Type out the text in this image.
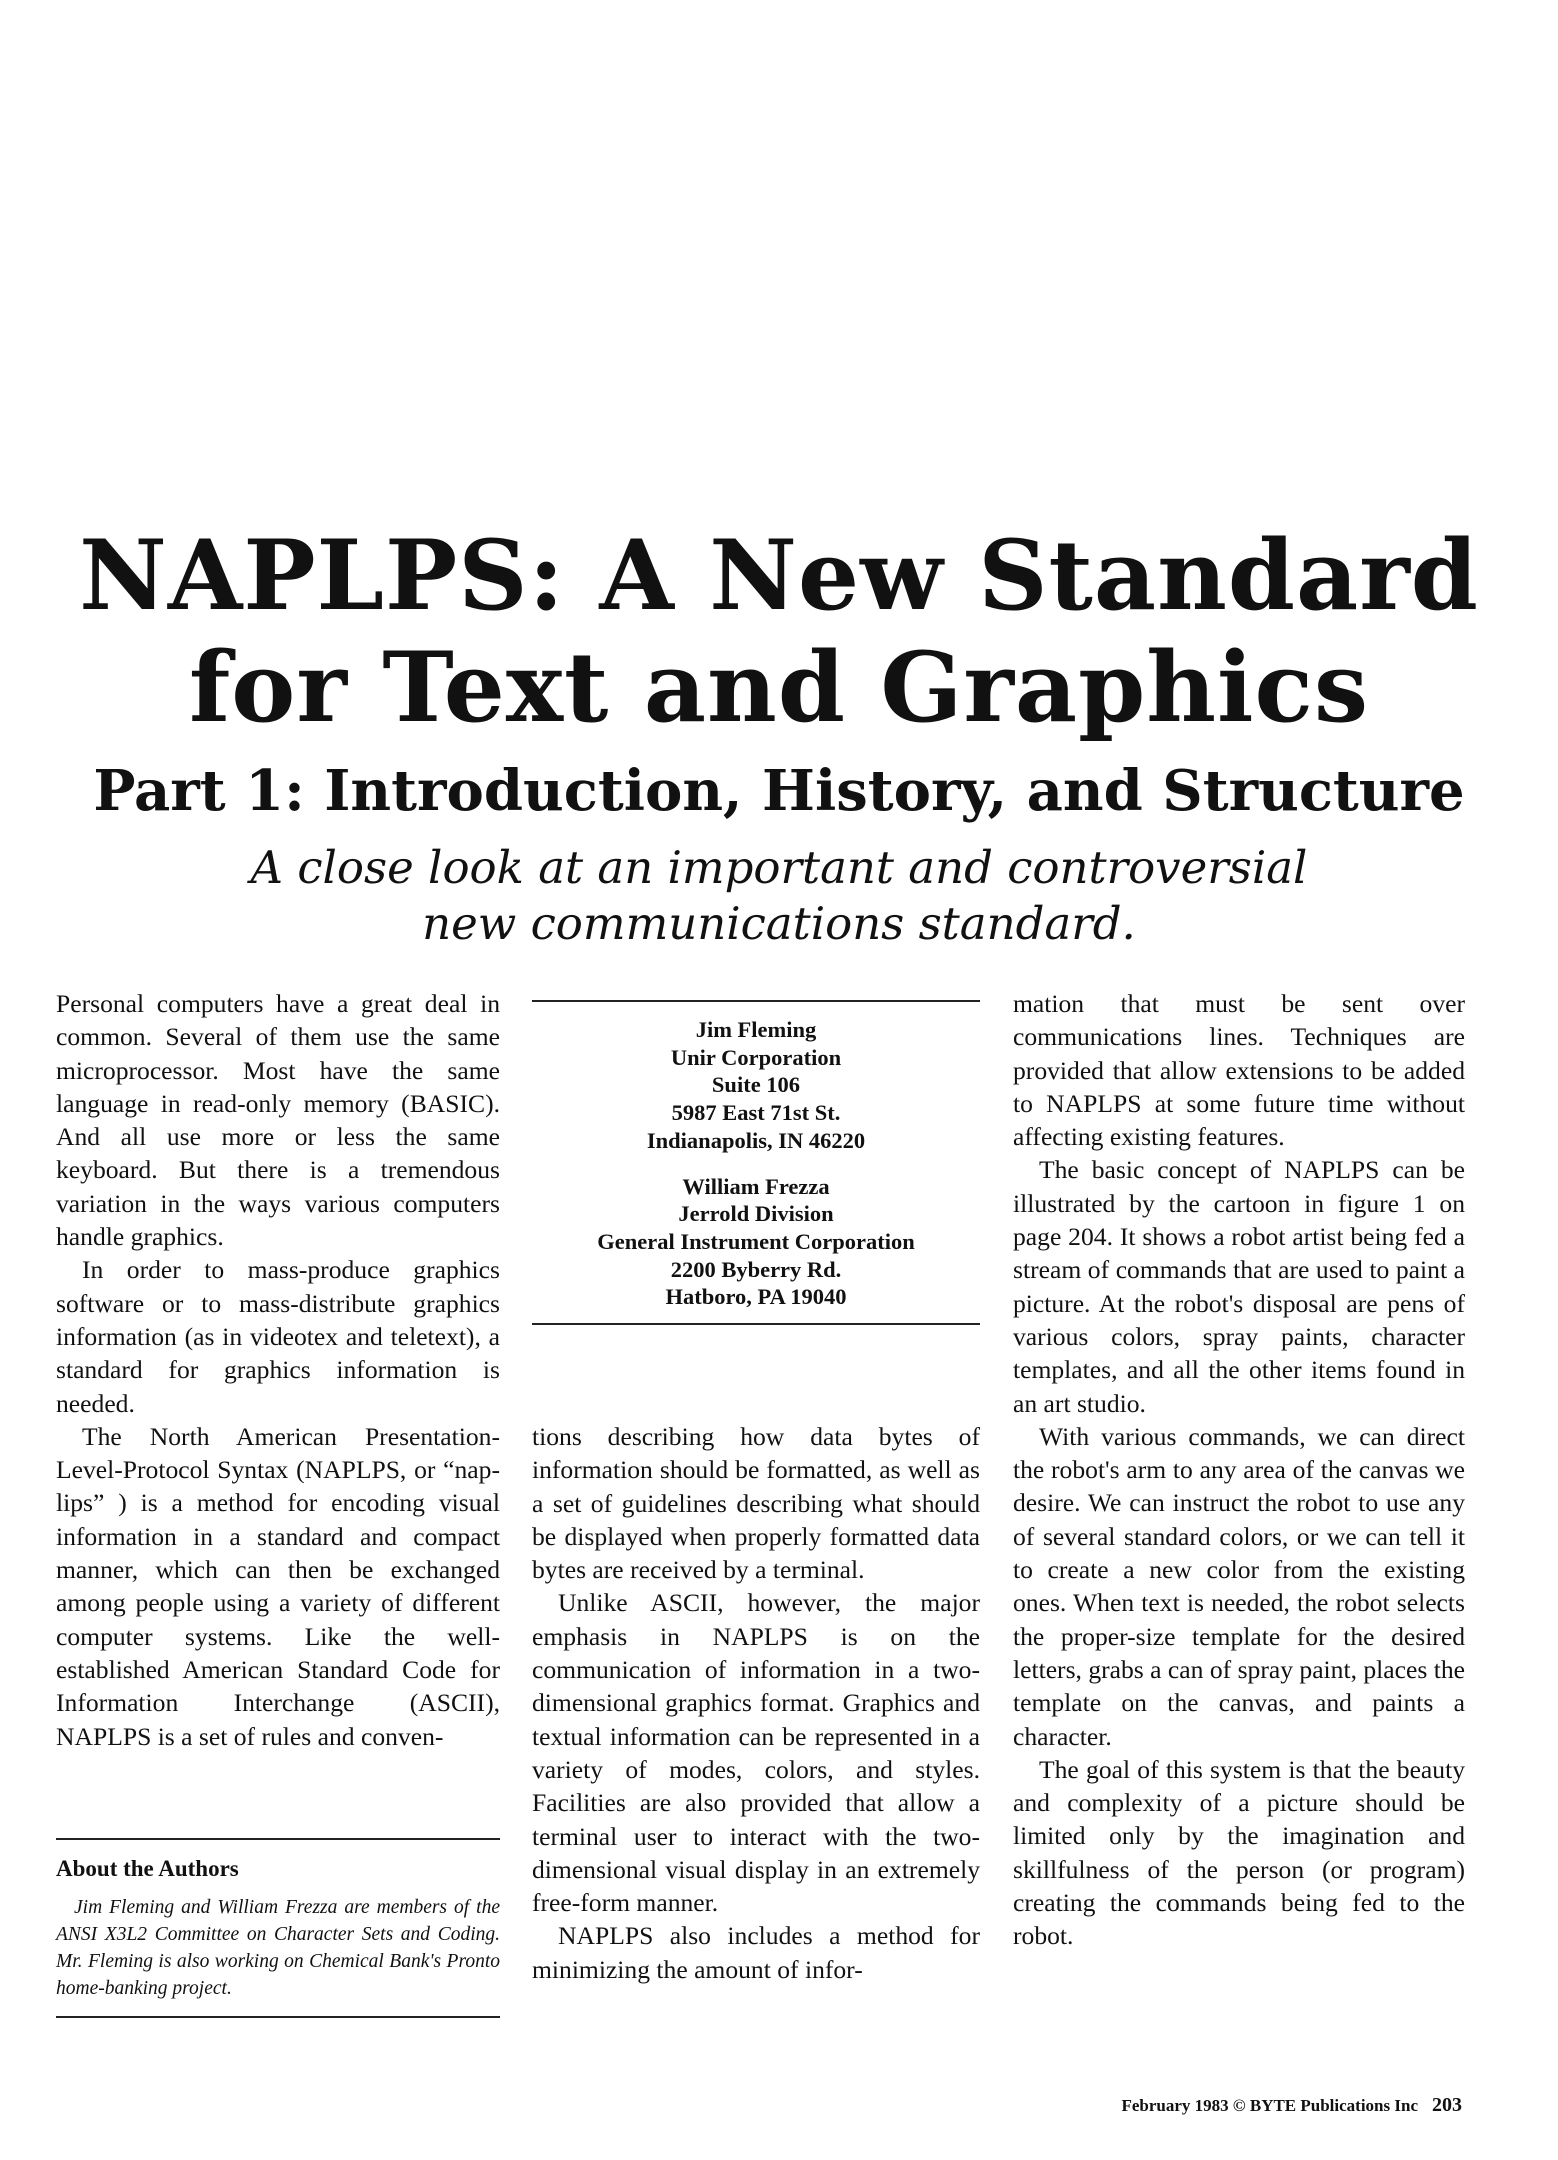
NAPLPS: A New Standard
for Text and Graphics
Part 1: Introduction, History, and Structure
A close look at an important and controversial
new communications standard.

Personal computers have a great deal in common. Several of them use the same microprocessor. Most have the same language in read-only memory (BASIC). And all use more or less the same keyboard. But there is a tremendous variation in the ways various computers handle graphics.

In order to mass-produce graphics software or to mass-distribute graphics information (as in videotex and teletext), a standard for graphics information is needed.

The North American Presentation-Level-Protocol Syntax (NAPLPS, or “nap-lips” ) is a method for encoding visual information in a standard and compact manner, which can then be exchanged among people using a variety of different computer systems. Like the well-established American Standard Code for Information Interchange (ASCII), NAPLPS is a set of rules and conven-

Jim Fleming
Unir Corporation
Suite 106
5987 East 71st St.
Indianapolis, IN 46220
William Frezza
Jerrold Division
General Instrument Corporation
2200 Byberry Rd.
Hatboro, PA 19040

tions describing how data bytes of information should be formatted, as well as a set of guidelines describing what should be displayed when properly formatted data bytes are received by a terminal.

Unlike ASCII, however, the major emphasis in NAPLPS is on the communication of information in a two-dimensional graphics format. Graphics and textual information can be represented in a variety of modes, colors, and styles. Facilities are also provided that allow a terminal user to interact with the two-dimensional visual display in an extremely free-form manner.

NAPLPS also includes a method for minimizing the amount of infor-

mation that must be sent over communications lines. Techniques are provided that allow extensions to be added to NAPLPS at some future time without affecting existing features.

The basic concept of NAPLPS can be illustrated by the cartoon in figure 1 on page 204. It shows a robot artist being fed a stream of commands that are used to paint a picture. At the robot's disposal are pens of various colors, spray paints, character templates, and all the other items found in an art studio.

With various commands, we can direct the robot's arm to any area of the canvas we desire. We can instruct the robot to use any of several standard colors, or we can tell it to create a new color from the existing ones. When text is needed, the robot selects the proper-size template for the desired letters, grabs a can of spray paint, places the template on the canvas, and paints a character.

The goal of this system is that the beauty and complexity of a picture should be limited only by the imagination and skillfulness of the person (or program) creating the commands being fed to the robot.

About the Authors
Jim Fleming and William Frezza are members of the ANSI X3L2 Committee on Character Sets and Coding. Mr. Fleming is also working on Chemical Bank's Pronto home-banking project.
February 1983 © BYTE Publications Inc 203
